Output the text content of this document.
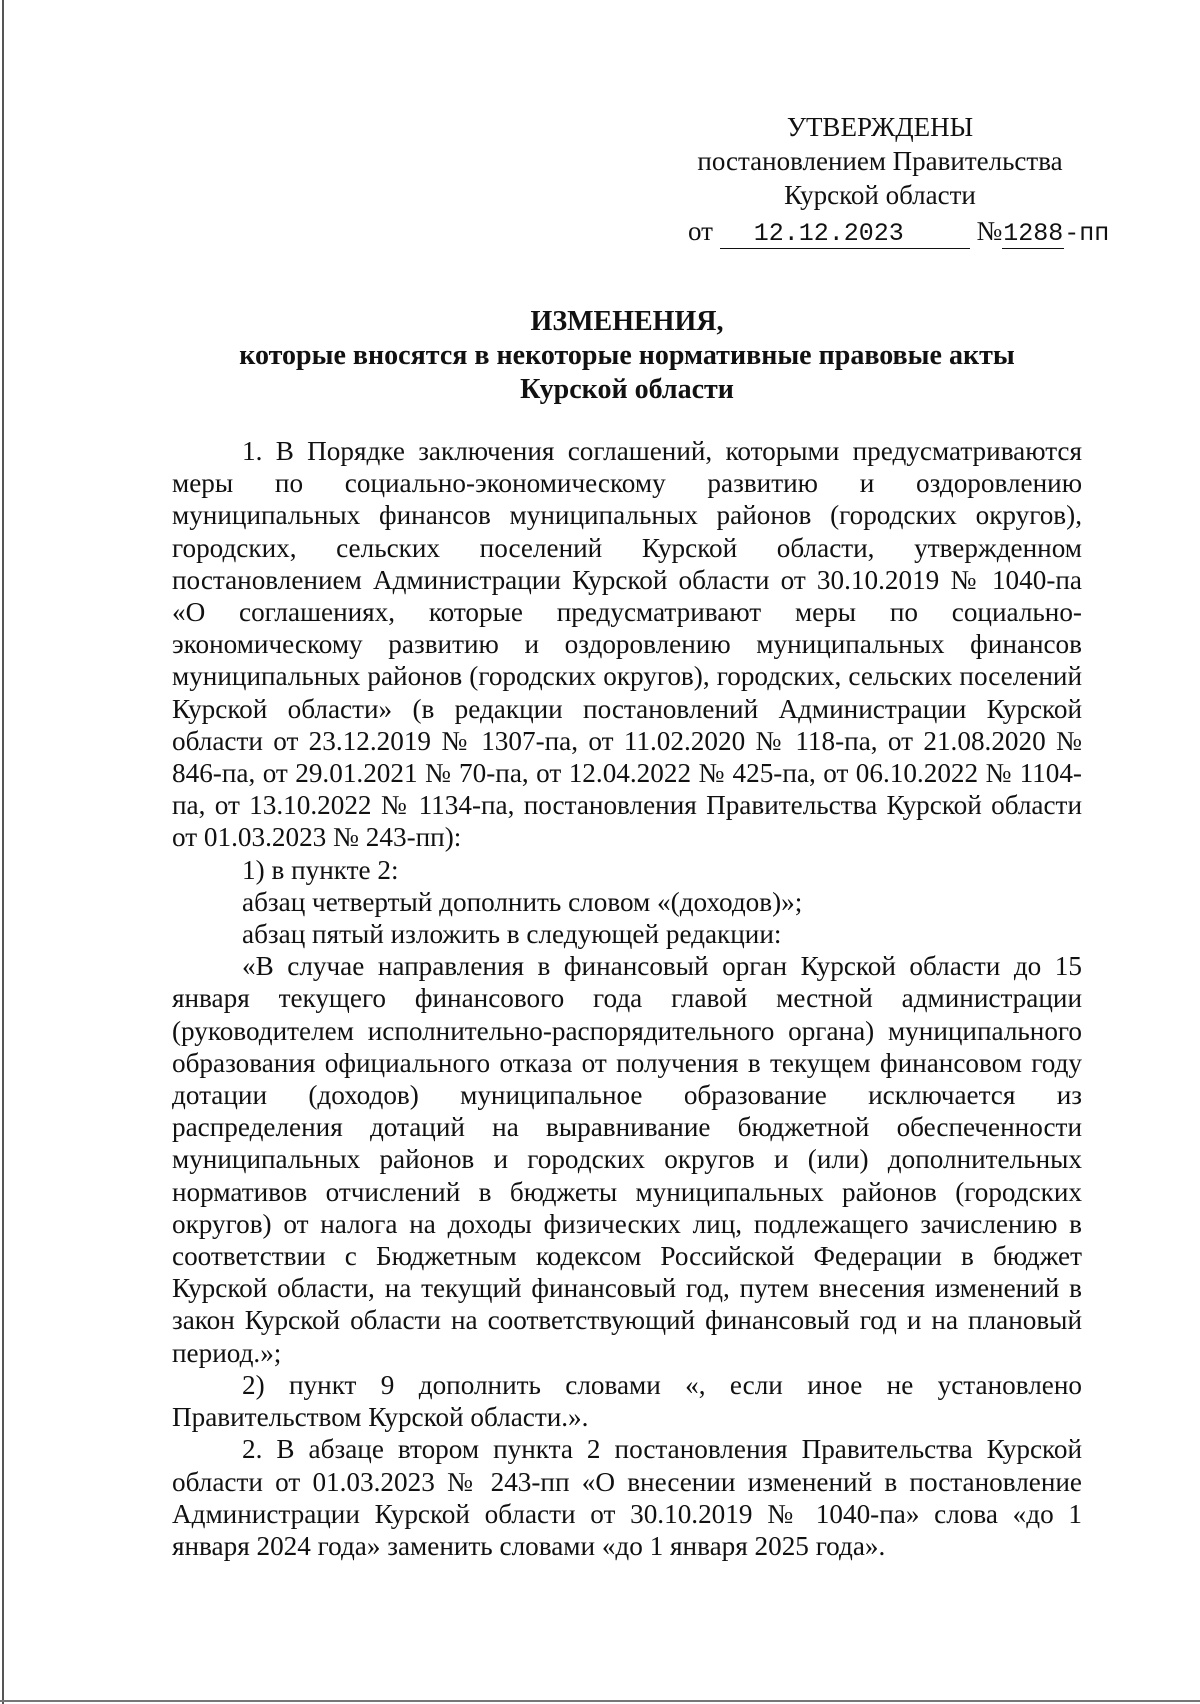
УТВЕРЖДЕНЫ
постановлением Правительства
Курской области
от 12.12.2023	№1288-пп
ИЗМЕНЕНИЯ,
которые вносятся в некоторые нормативные правовые акты
Курской области

1. В Порядке заключения соглашений, которыми предусматриваются меры по социально-экономическому развитию и оздоровлению муниципальных финансов муниципальных районов (городских округов), городских, сельских поселений Курской области, утвержденном постановлением Администрации Курской области от 30.10.2019 № 1040-па «О соглашениях, которые предусматривают меры по социально-экономическому развитию и оздоровлению муниципальных финансов муниципальных районов (городских округов), городских, сельских поселений Курской области» (в редакции постановлений Администрации Курской области от 23.12.2019 № 1307-па, от 11.02.2020 № 118-па, от 21.08.2020 № 846-па, от 29.01.2021 № 70-па, от 12.04.2022 № 425-па, от 06.10.2022 № 1104-па, от 13.10.2022 № 1134-па, постановления Правительства Курской области от 01.03.2023 № 243-пп):

1) в пункте 2:

абзац четвертый дополнить словом «(доходов)»;

абзац пятый изложить в следующей редакции:

«В случае направления в финансовый орган Курской области до 15 января текущего финансового года главой местной администрации (руководителем исполнительно-распорядительного органа) муниципального образования официального отказа от получения в текущем финансовом году дотации (доходов) муниципальное образование исключается из распределения дотаций на выравнивание бюджетной обеспеченности муниципальных районов и городских округов и (или) дополнительных нормативов отчислений в бюджеты муниципальных районов (городских округов) от налога на доходы физических лиц, подлежащего зачислению в соответствии с Бюджетным кодексом Российской Федерации в бюджет Курской области, на текущий финансовый год, путем внесения изменений в закон Курской области на соответствующий финансовый год и на плановый период.»;

2) пункт 9 дополнить словами «, если иное не установлено Правительством Курской области.».

2. В абзаце втором пункта 2 постановления Правительства Курской области от 01.03.2023 № 243-пп «О внесении изменений в постановление Администрации Курской области от 30.10.2019 № 1040-па» слова «до 1 января 2024 года» заменить словами «до 1 января 2025 года».
